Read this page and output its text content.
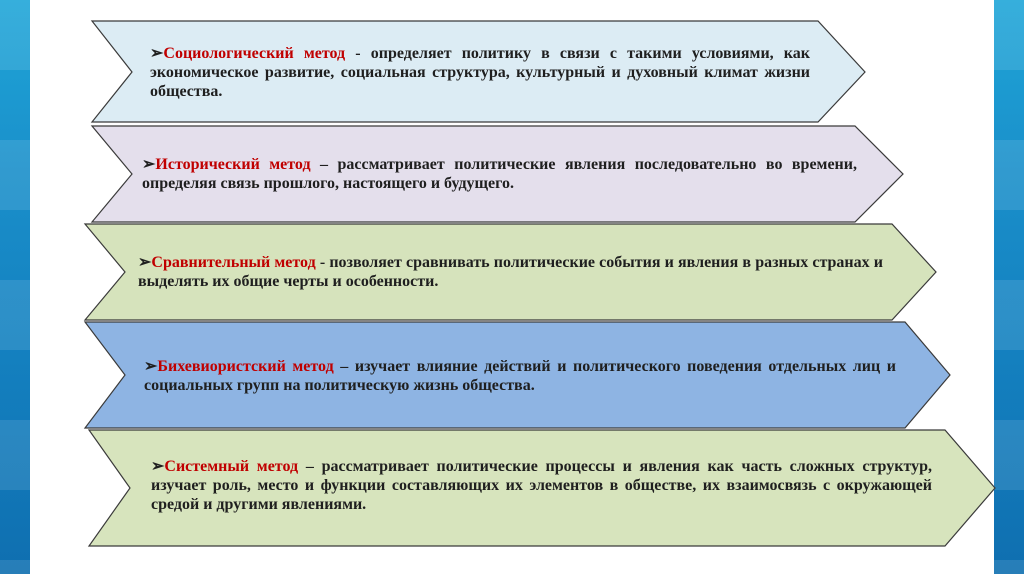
➢Социологический метод - определяет политику в связи с такими условиями, как экономическое развитие, социальная структура, культурный и духовный климат жизни общества.
➢Исторический метод – рассматривает политические явления последовательно во времени, определяя связь прошлого, настоящего и будущего.
➢Сравнительный метод - позволяет сравнивать политические события и явления в разных странах и выделять их общие черты и особенности.
➢Бихевиористский метод – изучает влияние действий и политического поведения отдельных лиц и социальных групп на политическую жизнь общества.
➢Системный метод – рассматривает политические процессы и явления как часть сложных структур, изучает роль, место и функции составляющих их элементов в обществе, их взаимосвязь с окружающей средой и другими явлениями.
